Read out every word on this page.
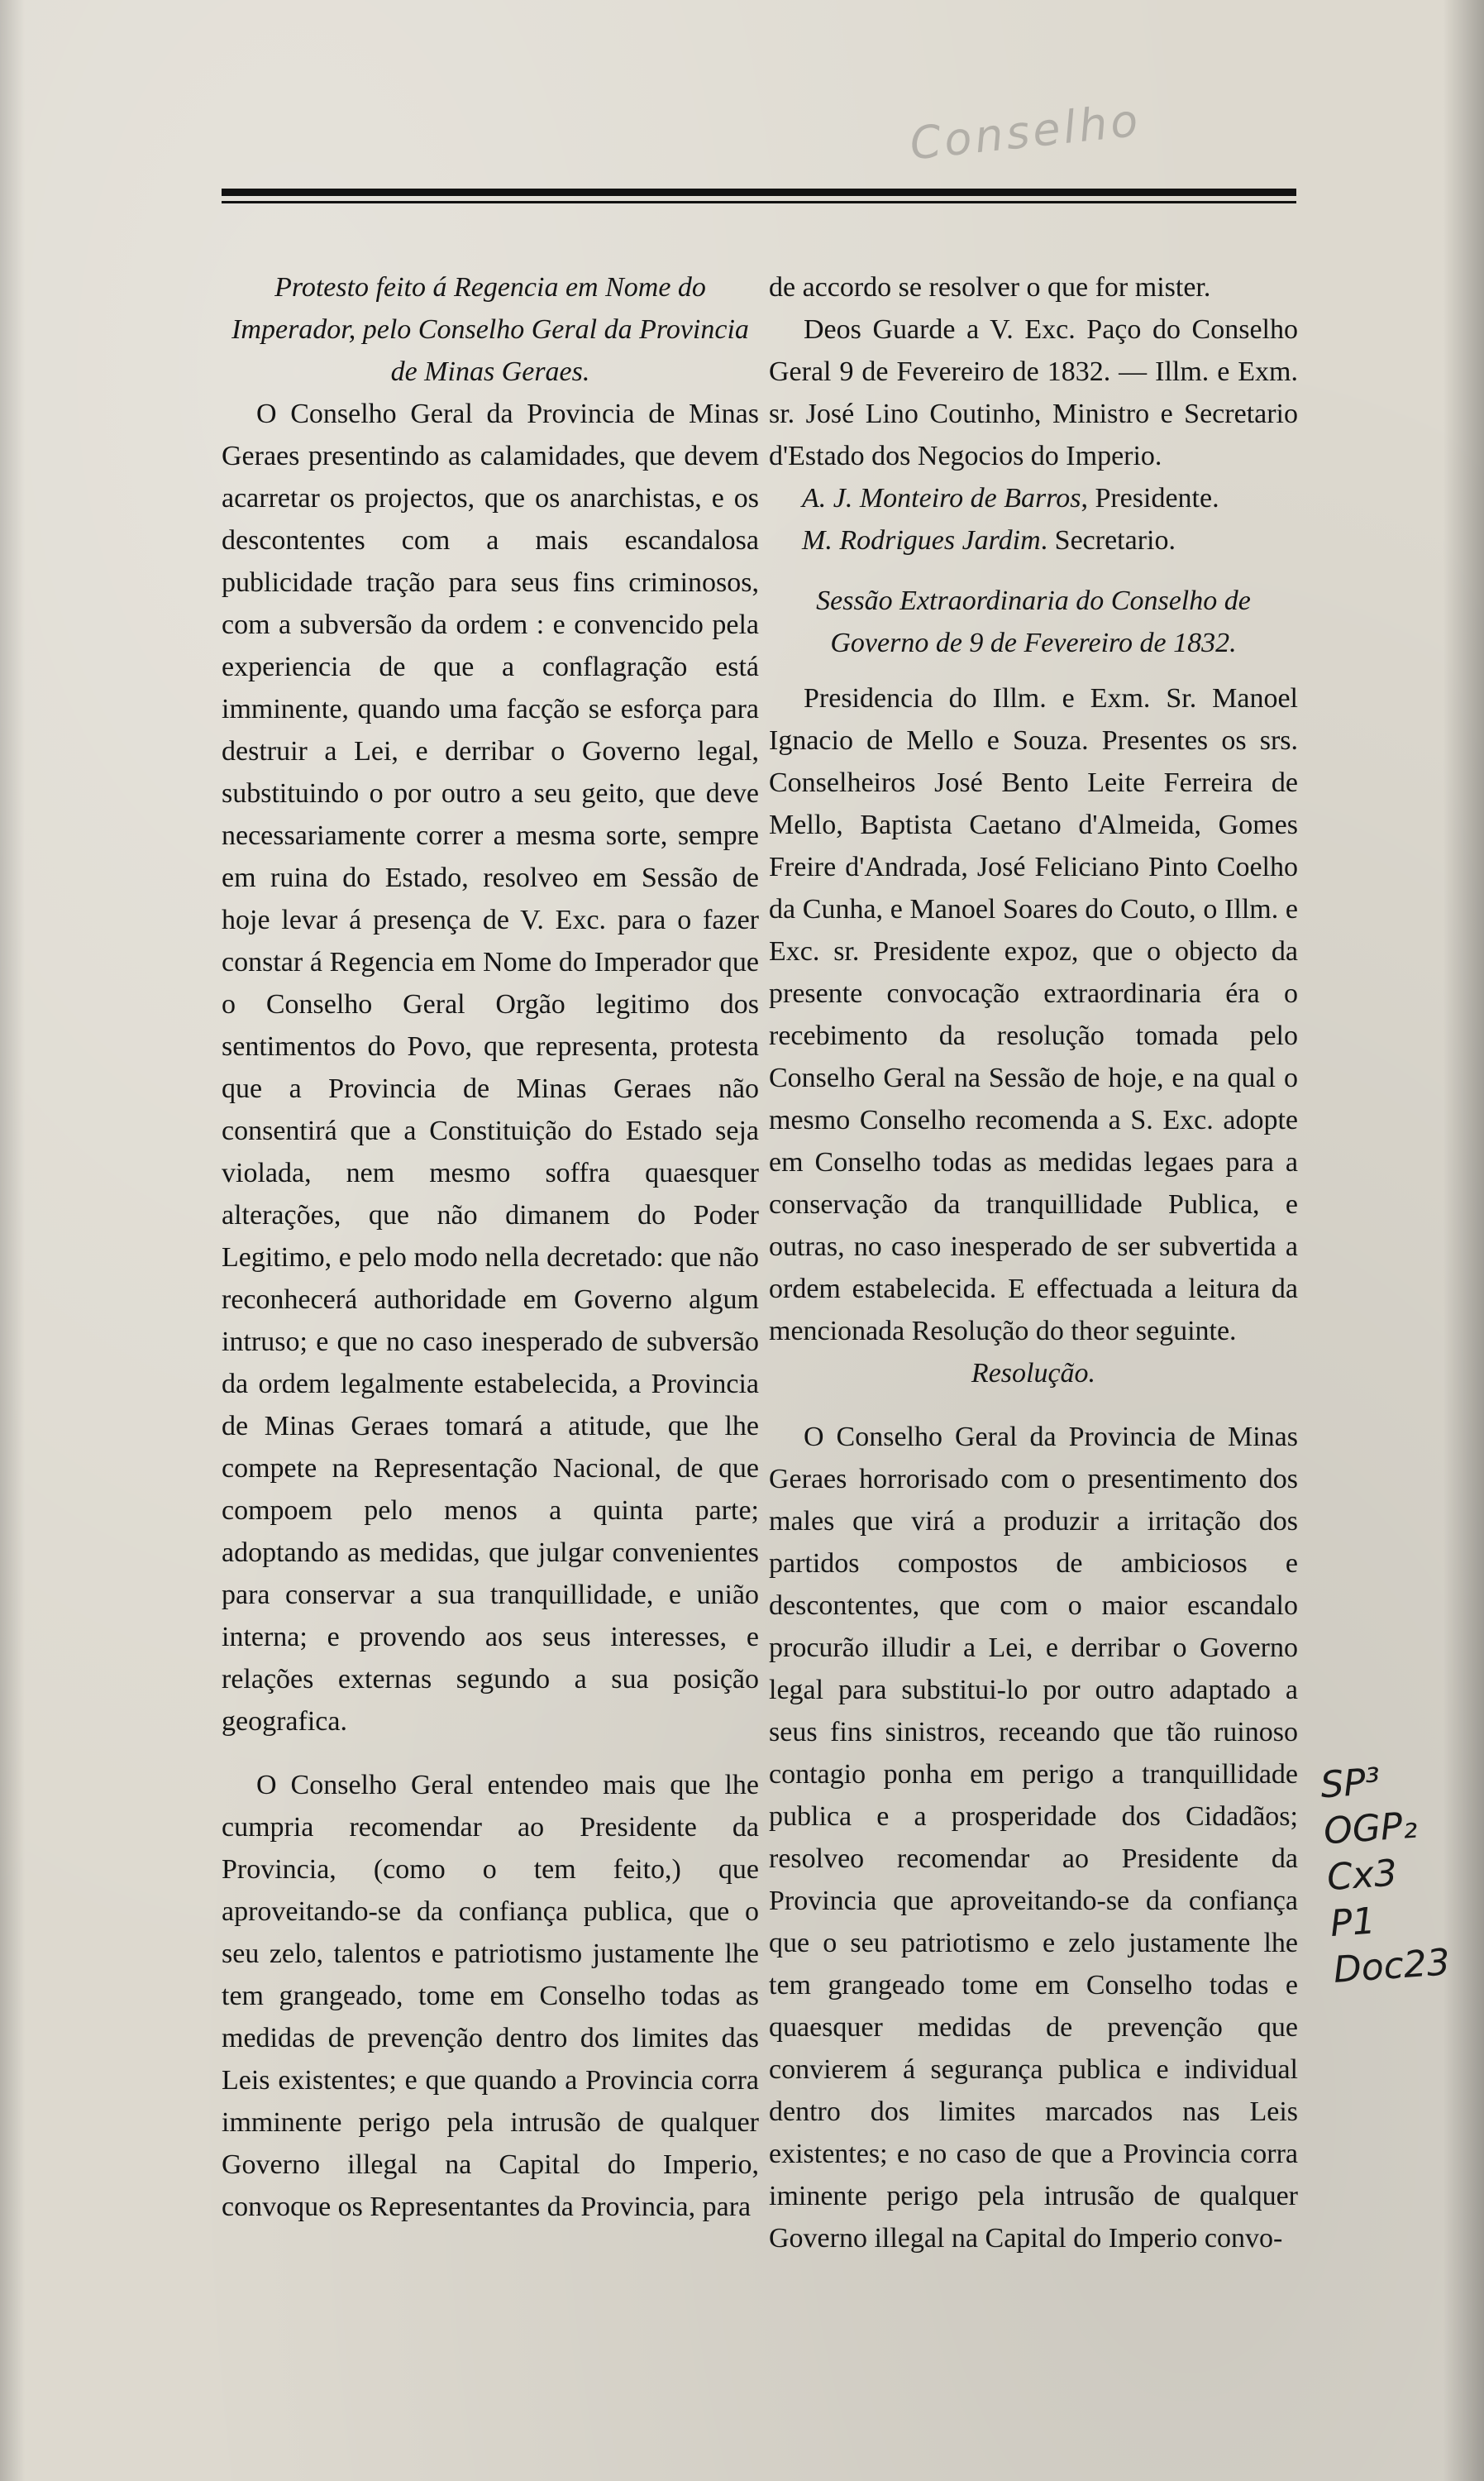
Conselho

Protesto feito á Regencia em Nome do Imperador, pelo Conselho Geral da Provincia de Minas Geraes.

O Conselho Geral da Provincia de Minas Geraes presentindo as calamidades, que devem acarretar os projectos, que os anarchistas, e os descontentes com a mais escandalosa publicidade tração para seus fins criminosos, com a subversão da ordem : e convencido pela experiencia de que a conflagração está imminente, quando uma facção se esforça para destruir a Lei, e derribar o Governo legal, substituindo o por outro a seu geito, que deve necessariamente correr a mesma sorte, sempre em ruina do Estado, resolveo em Sessão de hoje levar á presença de V. Exc. para o fazer constar á Regencia em Nome do Imperador que o Conselho Geral Orgão legitimo dos sentimentos do Povo, que representa, protesta que a Provincia de Minas Geraes não consentirá que a Constituição do Estado seja violada, nem mesmo soffra quaesquer alterações, que não dimanem do Poder Legitimo, e pelo modo nella decretado: que não reconhecerá authoridade em Governo algum intruso; e que no caso inesperado de subversão da ordem legalmente estabelecida, a Provincia de Minas Geraes tomará a atitude, que lhe compete na Representação Nacional, de que compoem pelo menos a quinta parte; adoptando as medidas, que julgar convenientes para conservar a sua tranquillidade, e união interna; e provendo aos seus interesses, e relações externas segundo a sua posição geografica.

O Conselho Geral entendeo mais que lhe cumpria recomendar ao Presidente da Provincia, (como o tem feito,) que aproveitando-se da confiança publica, que o seu zelo, talentos e patriotismo justamente lhe tem grangeado, tome em Conselho todas as medidas de prevenção dentro dos limites das Leis existentes; e que quando a Provincia corra imminente perigo pela intrusão de qualquer Governo illegal na Capital do Imperio, convoque os Representantes da Provincia, para

de accordo se resolver o que for mister.

Deos Guarde a V. Exc. Paço do Conselho Geral 9 de Fevereiro de 1832. — Illm. e Exm. sr. José Lino Coutinho, Ministro e Secretario d'Estado dos Negocios do Imperio.

A. J. Monteiro de Barros, Presidente.

M. Rodrigues Jardim. Secretario.

Sessão Extraordinaria do Conselho de Governo de 9 de Fevereiro de 1832.

Presidencia do Illm. e Exm. Sr. Manoel Ignacio de Mello e Souza. Presentes os srs. Conselheiros José Bento Leite Ferreira de Mello, Baptista Caetano d'Almeida, Gomes Freire d'Andrada, José Feliciano Pinto Coelho da Cunha, e Manoel Soares do Couto, o Illm. e Exc. sr. Presidente expoz, que o objecto da presente convocação extraordinaria éra o recebimento da resolução tomada pelo Conselho Geral na Sessão de hoje, e na qual o mesmo Conselho recomenda a S. Exc. adopte em Conselho todas as medidas legaes para a conservação da tranquillidade Publica, e outras, no caso inesperado de ser subvertida a ordem estabelecida. E effectuada a leitura da mencionada Resolução do theor seguinte.

Resolução.

O Conselho Geral da Provincia de Minas Geraes horrorisado com o presentimento dos males que virá a produzir a irritação dos partidos compostos de ambiciosos e descontentes, que com o maior escandalo procurão illudir a Lei, e derribar o Governo legal para substitui-lo por outro adaptado a seus fins sinistros, receando que tão ruinoso contagio ponha em perigo a tranquillidade publica e a prosperidade dos Cidadãos; resolveo recomendar ao Presidente da Provincia que aproveitando-se da confiança que o seu patriotismo e zelo justamente lhe tem grangeado tome em Conselho todas e quaesquer medidas de prevenção que convierem á segurança publica e individual dentro dos limites marcados nas Leis existentes; e no caso de que a Provincia corra iminente perigo pela intrusão de qualquer Governo illegal na Capital do Imperio convo-

SP³
OGP₂
Cx3
P1
Doc23
